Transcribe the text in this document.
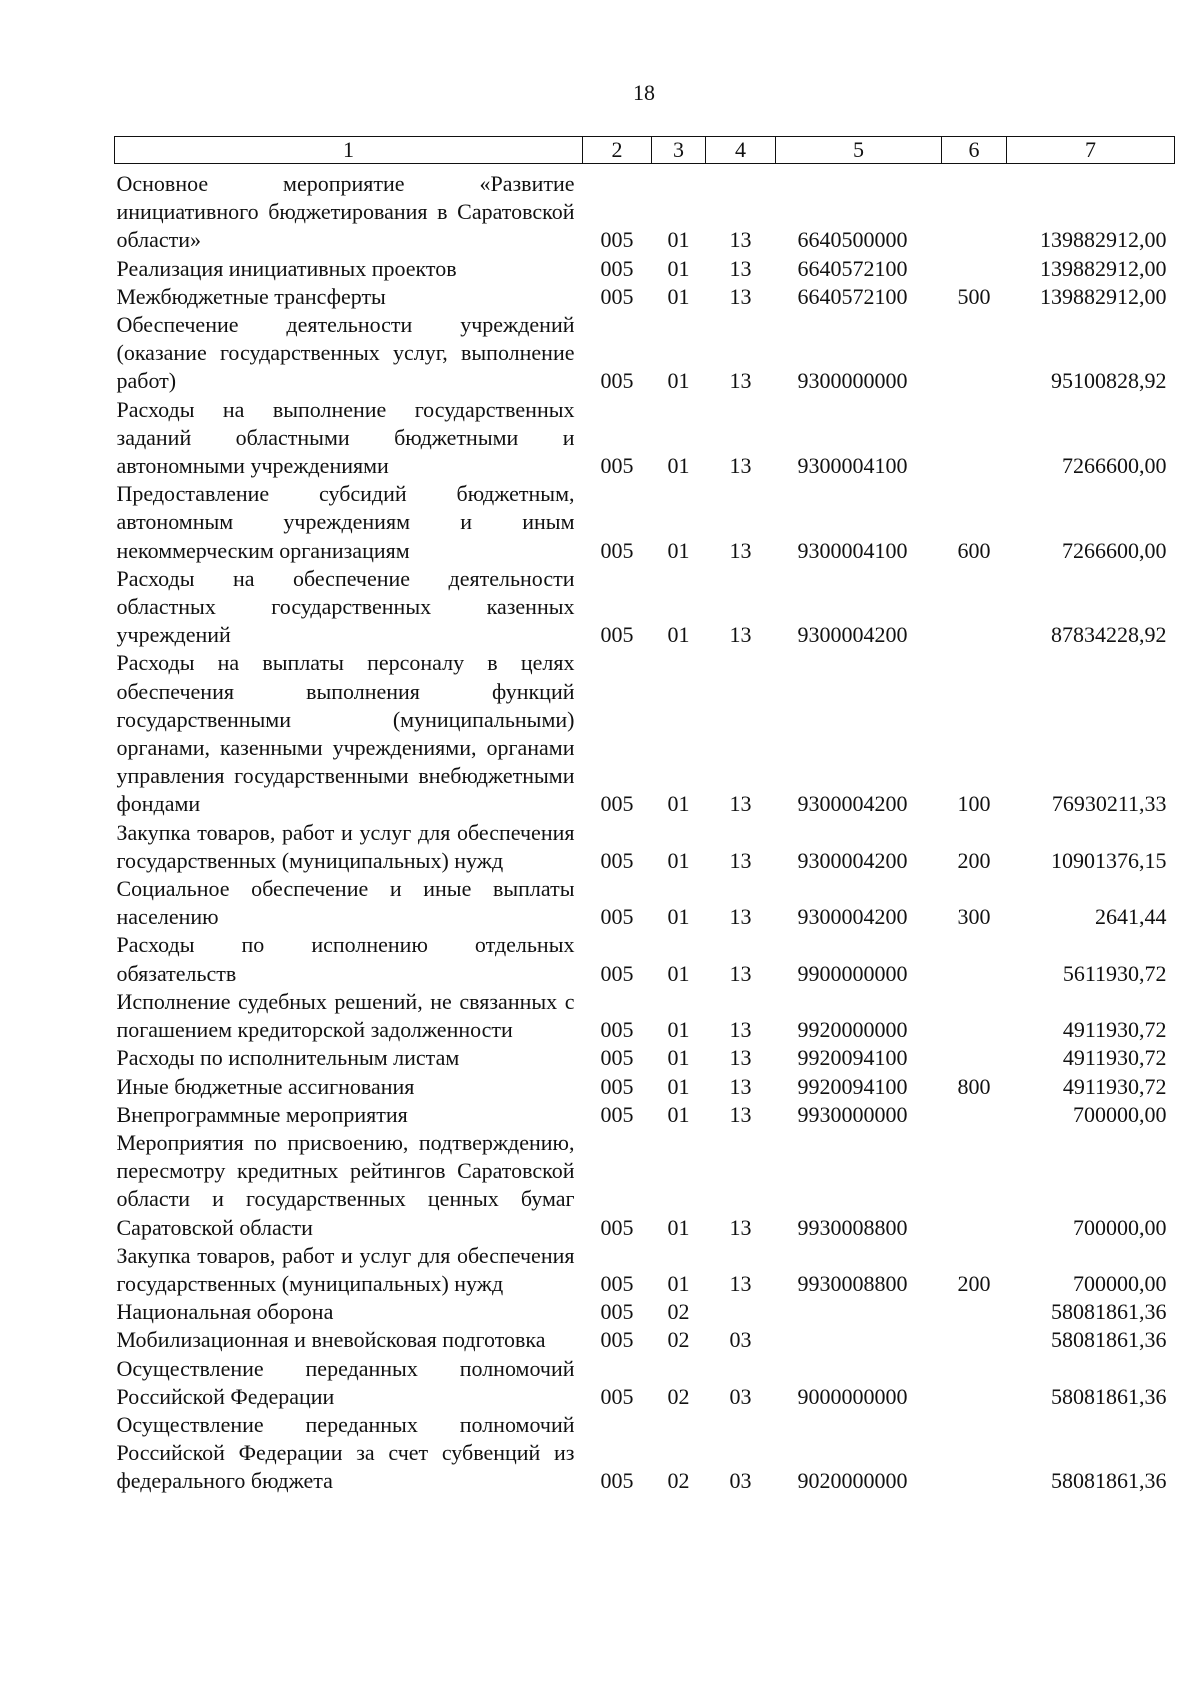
18
1	2	3	4	5	6	7
Основное мероприятие «Развитие инициативного бюджетирования в Саратовской области»	005	01	13	6640500000		139882912,00
Реализация инициативных проектов	005	01	13	6640572100		139882912,00
Межбюджетные трансферты	005	01	13	6640572100	500	139882912,00
Обеспечение деятельности учреждений (оказание государственных услуг, выполнение работ)	005	01	13	9300000000		95100828,92
Расходы на выполнение государственных заданий областными бюджетными и автономными учреждениями	005	01	13	9300004100		7266600,00
Предоставление субсидий бюджетным, автономным учреждениям и иным некоммерческим организациям	005	01	13	9300004100	600	7266600,00
Расходы на обеспечение деятельности областных государственных казенных учреждений	005	01	13	9300004200		87834228,92
Расходы на выплаты персоналу в целях обеспечения выполнения функций государственными (муниципальными) органами, казенными учреждениями, органами управления государственными внебюджетными фондами	005	01	13	9300004200	100	76930211,33
Закупка товаров, работ и услуг для обеспечения государственных (муниципальных) нужд	005	01	13	9300004200	200	10901376,15
Социальное обеспечение и иные выплаты населению	005	01	13	9300004200	300	2641,44
Расходы по исполнению отдельных обязательств	005	01	13	9900000000		5611930,72
Исполнение судебных решений, не связанных с погашением кредиторской задолженности	005	01	13	9920000000		4911930,72
Расходы по исполнительным листам	005	01	13	9920094100		4911930,72
Иные бюджетные ассигнования	005	01	13	9920094100	800	4911930,72
Внепрограммные мероприятия	005	01	13	9930000000		700000,00
Мероприятия по присвоению, подтверждению, пересмотру кредитных рейтингов Саратовской области и государственных ценных бумаг Саратовской области	005	01	13	9930008800		700000,00
Закупка товаров, работ и услуг для обеспечения государственных (муниципальных) нужд	005	01	13	9930008800	200	700000,00
Национальная оборона	005	02				58081861,36
Мобилизационная и вневойсковая подготовка	005	02	03			58081861,36
Осуществление переданных полномочий Российской Федерации	005	02	03	9000000000		58081861,36
Осуществление переданных полномочий Российской Федерации за счет субвенций из федерального бюджета	005	02	03	9020000000		58081861,36
